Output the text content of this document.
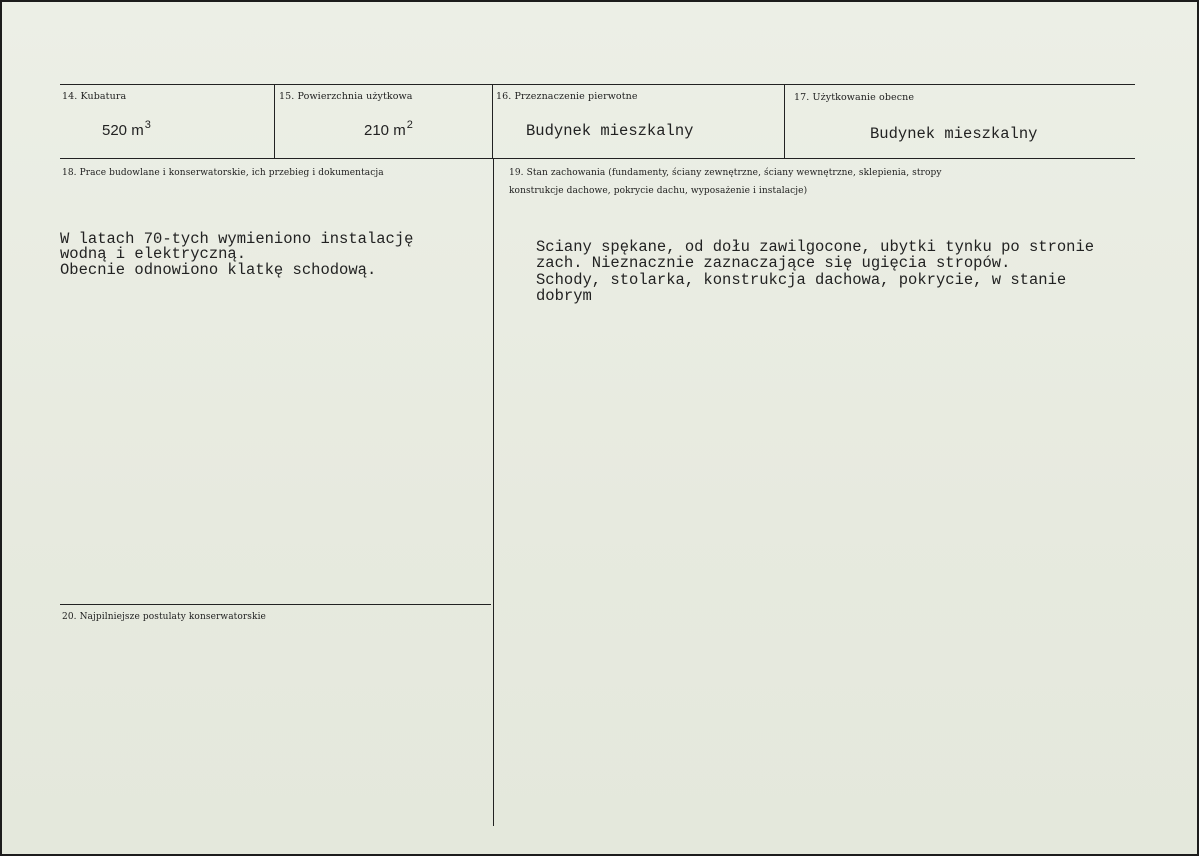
14. Kubatura
520 $m^3$
15. Powierzchnia użytkowa
210 $m^2$
16. Przeznaczenie pierwotne
Budynek mieszkalny
17. Użytkowanie obecne
Budynek mieszkalny
18. Prace budowlane i konserwatorskie, ich przebieg i dokumentacja
W latach 70-tych wymieniono instalację
wodną i elektryczną.
Obecnie odnowiono klatkę schodową.
19. Stan zachowania (fundamenty, ściany zewnętrzne, ściany wewnętrzne, sklepienia, stropy
konstrukcje dachowe, pokrycie dachu, wyposażenie i instalacje)
Sciany spękane, od dołu zawilgocone, ubytki tynku po stronie
zach. Nieznacznie zaznaczające się ugięcia stropów.
Schody, stolarka, konstrukcja dachowa, pokrycie, w stanie
dobrym
20. Najpilniejsze postulaty konserwatorskie
